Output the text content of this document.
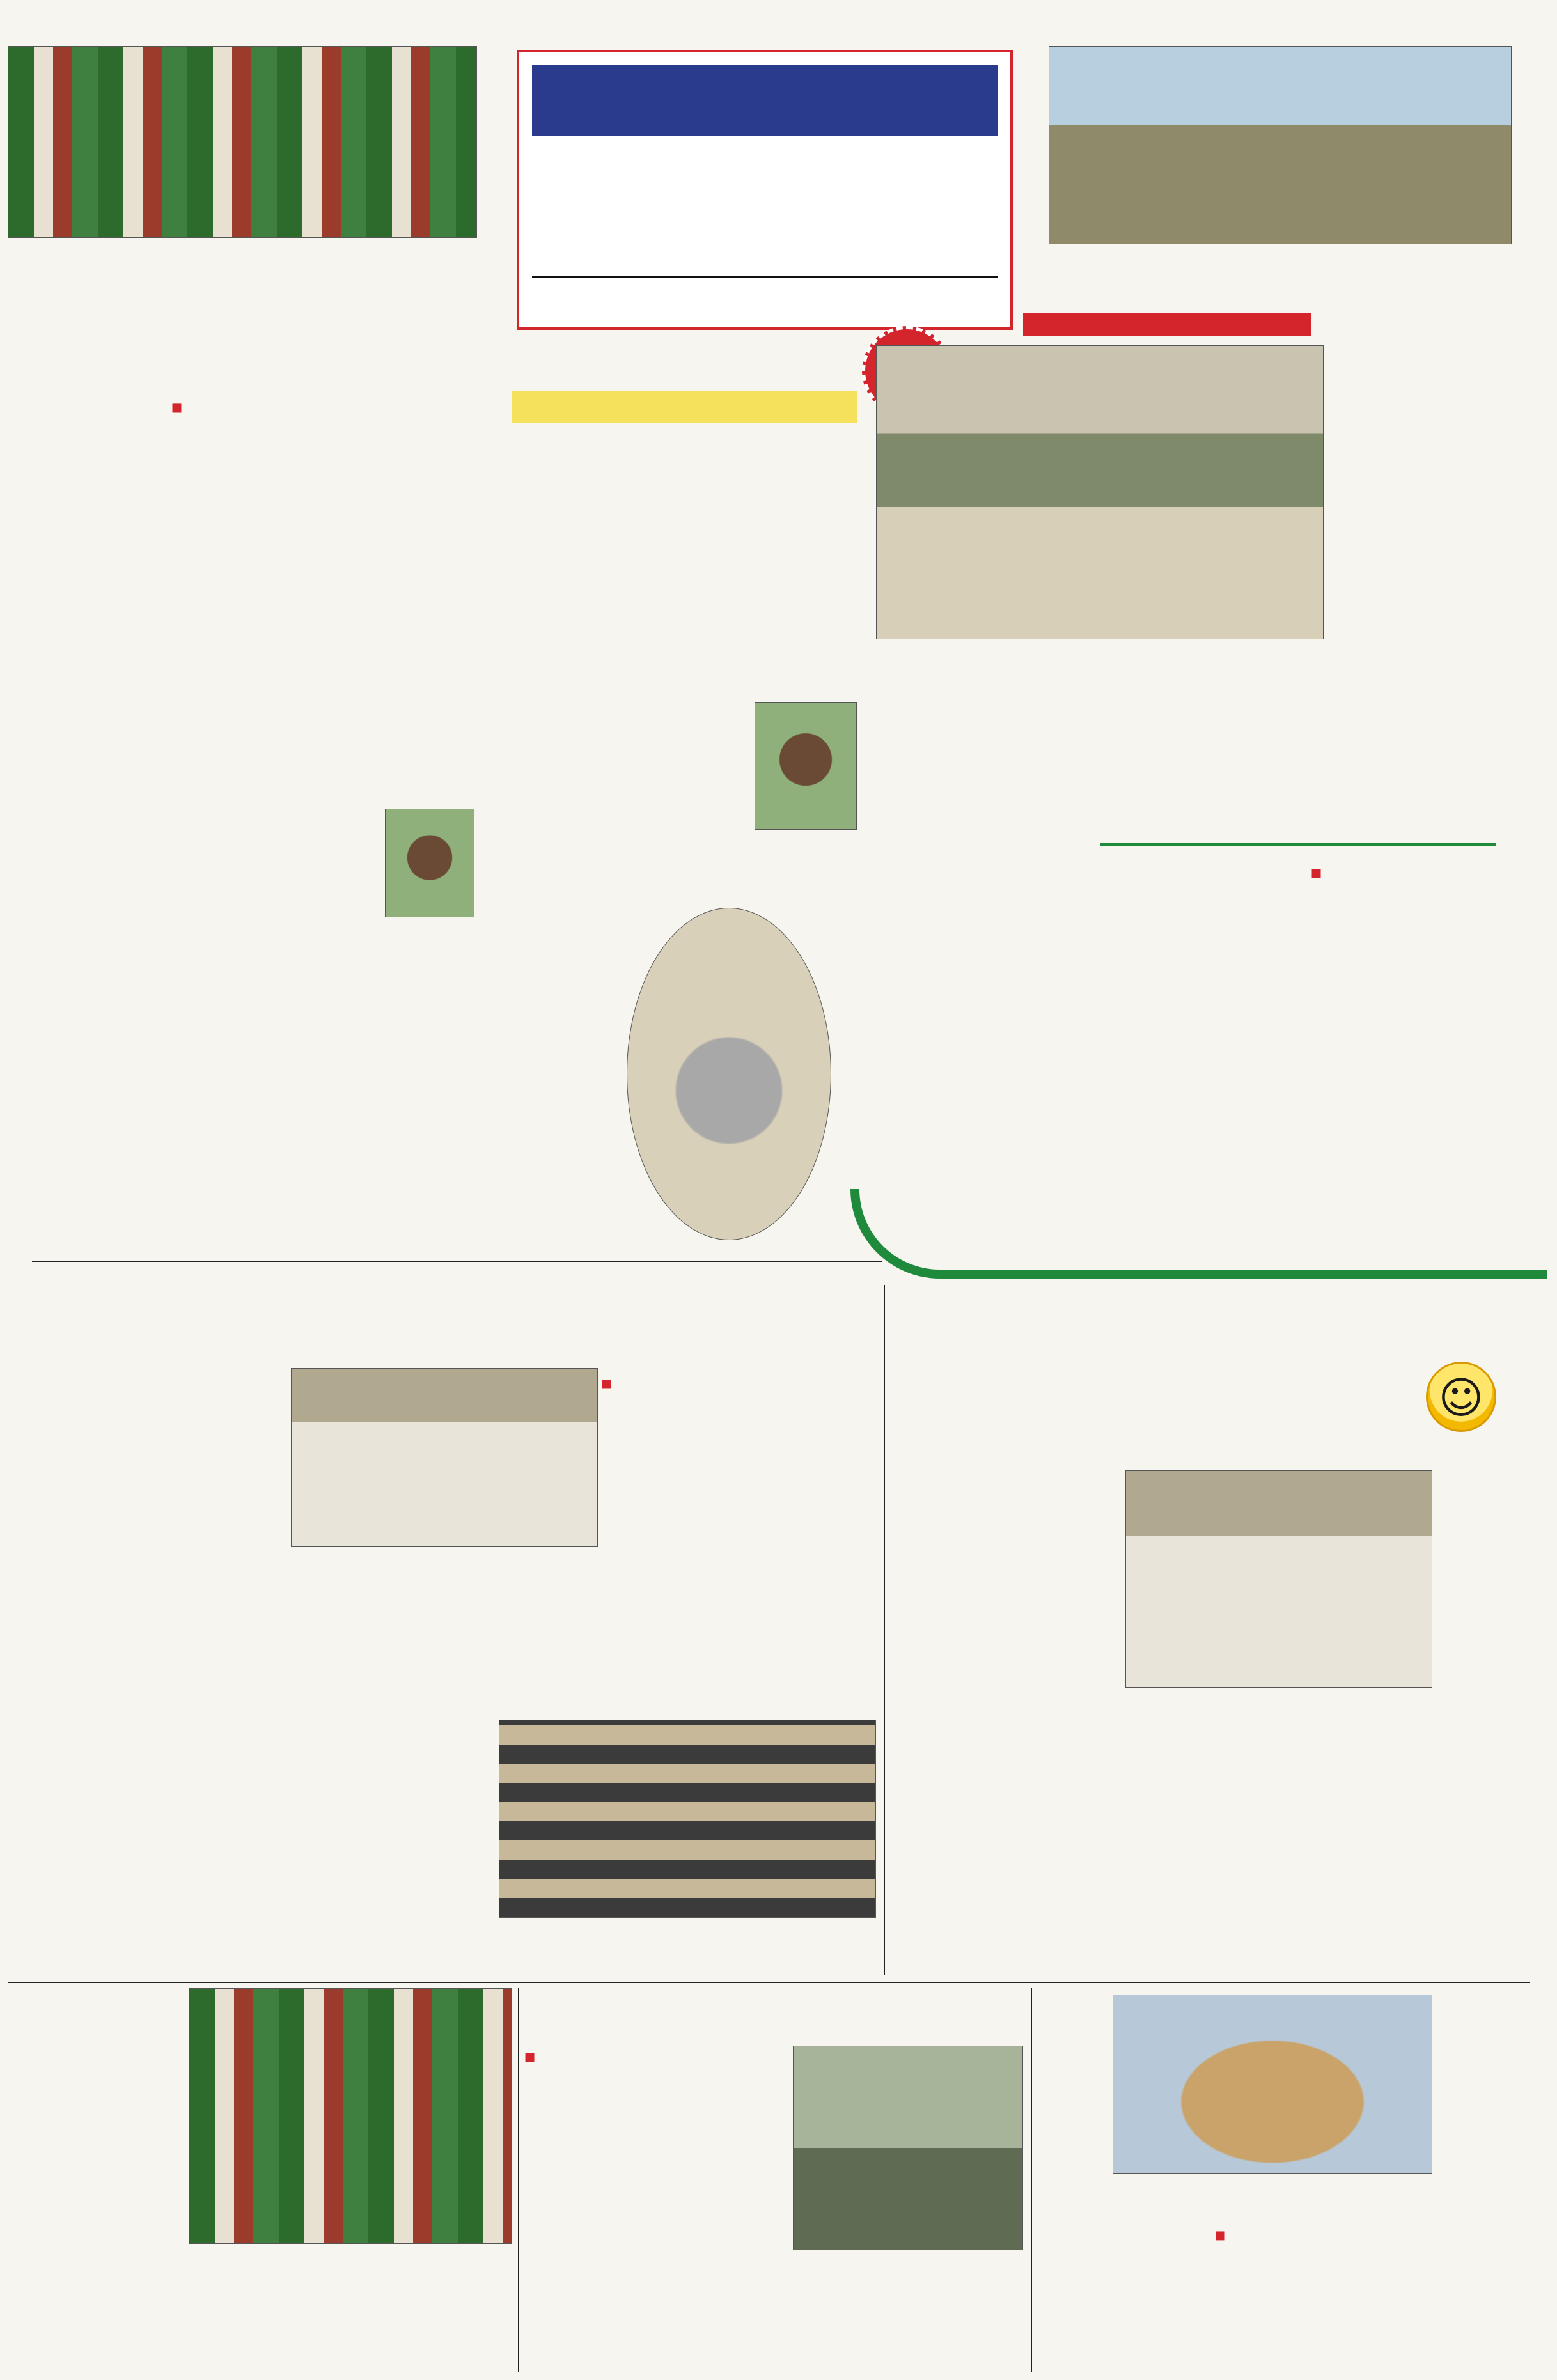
☺
